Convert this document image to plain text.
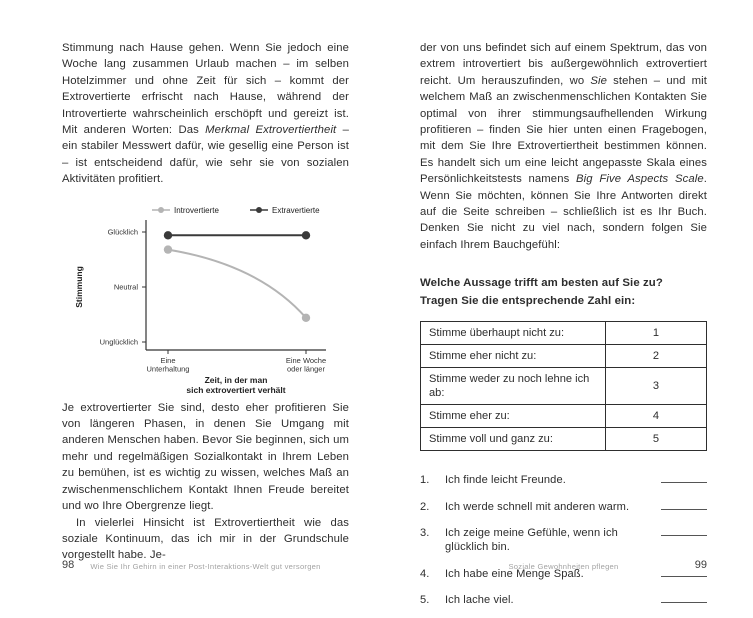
Stimmung nach Hause gehen. Wenn Sie jedoch eine Woche lang zusammen Urlaub machen – im selben Hotelzimmer und ohne Zeit für sich – kommt der Extrovertierte erfrischt nach Hause, während der Introvertierte wahrscheinlich erschöpft und gereizt ist. Mit anderen Worten: Das Merkmal Extrovertiertheit – ein stabiler Messwert dafür, wie gesellig eine Person ist – ist entscheidend dafür, wie sehr sie von sozialen Aktivitäten profitiert.

Glücklich
Neutral
Unglücklich
Eine
Unterhaltung
Eine Woche
oder länger
Stimmung
Zeit, in der man
sich extrovertiert verhält
Introvertierte	Extravertierte

Je extrovertierter Sie sind, desto eher profitieren Sie von längeren Phasen, in denen Sie Umgang mit anderen Menschen haben. Bevor Sie beginnen, sich um mehr und regelmäßigen Sozialkontakt in Ihrem Leben zu bemühen, ist es wichtig zu wissen, welches Maß an zwischenmenschlichem Kontakt Ihnen Freude bereitet und wo Ihre Obergrenze liegt.

In vielerlei Hinsicht ist Extrovertiertheit wie das soziale Kontinuum, das ich mir in der Grundschule vorgestellt habe. Je-

98	Wie Sie Ihr Gehirn in einer Post-Interaktions-Welt gut versorgen

der von uns befindet sich auf einem Spektrum, das von extrem introvertiert bis außergewöhnlich extrovertiert reicht. Um herauszufinden, wo Sie stehen – und mit welchem Maß an zwischenmenschlichen Kontakten Sie optimal von ihrer stimmungsaufhellenden Wirkung profitieren – finden Sie hier unten einen Fragebogen, mit dem Sie Ihre Extrovertiertheit bestimmen können. Es handelt sich um eine leicht angepasste Skala eines Persönlichkeitstests namens Big Five Aspects Scale. Wenn Sie möchten, können Sie Ihre Antworten direkt auf die Seite schreiben – schließlich ist es Ihr Buch. Denken Sie nicht zu viel nach, sondern folgen Sie einfach Ihrem Bauchgefühl:

Welche Aussage trifft am besten auf Sie zu?
Tragen Sie die entsprechende Zahl ein:
Stimme überhaupt nicht zu:	1
Stimme eher nicht zu:	2
Stimme weder zu noch lehne ich ab:	3
Stimme eher zu:	4
Stimme voll und ganz zu:	5
1.	Ich finde leicht Freunde.
2.	Ich werde schnell mit anderen warm.
3.	Ich zeige meine Gefühle, wenn ich glücklich bin.
4.	Ich habe eine Menge Spaß.
5.	Ich lache viel.
Soziale Gewohnheiten pflegen	99
